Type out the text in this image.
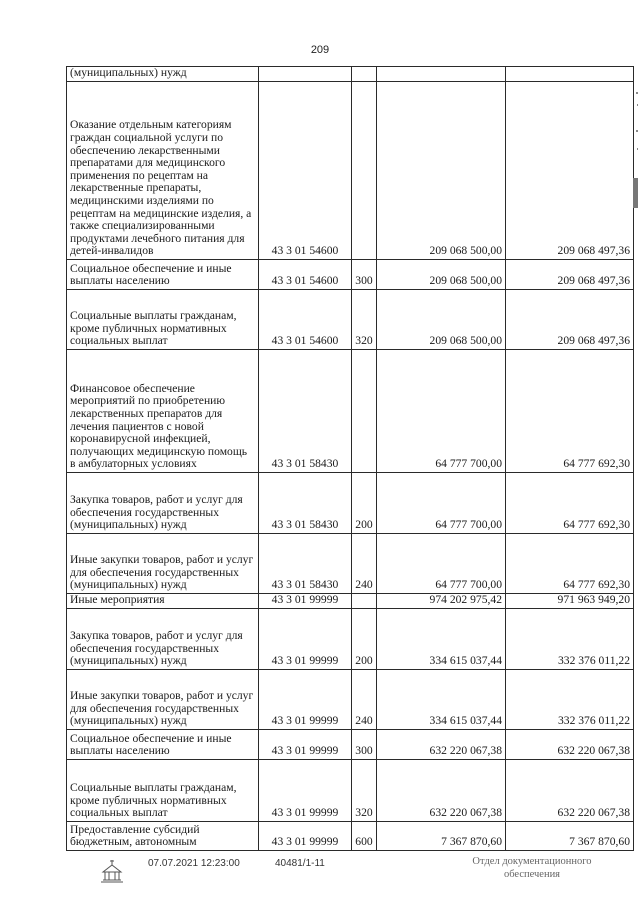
209
(муниципальных) нужд				
Оказание отдельным категориям граждан социальной услуги по обеспечению лекарственными препаратами для медицинского применения по рецептам на лекарственные препараты, медицинскими изделиями по рецептам на медицинские изделия, а также специализированными продуктами лечебного питания для детей-инвалидов	43 3 01 54600		209 068 500,00	209 068 497,36
Социальное обеспечение и иные выплаты населению	43 3 01 54600	300	209 068 500,00	209 068 497,36
Социальные выплаты гражданам, кроме публичных нормативных социальных выплат	43 3 01 54600	320	209 068 500,00	209 068 497,36
Финансовое обеспечение мероприятий по приобретению лекарственных препаратов для лечения пациентов с новой коронавирусной инфекцией, получающих медицинскую помощь в амбулаторных условиях	43 3 01 58430		64 777 700,00	64 777 692,30
Закупка товаров, работ и услуг для обеспечения государственных (муниципальных) нужд	43 3 01 58430	200	64 777 700,00	64 777 692,30
Иные закупки товаров, работ и услуг для обеспечения государственных (муниципальных) нужд	43 3 01 58430	240	64 777 700,00	64 777 692,30
Иные мероприятия	43 3 01 99999		974 202 975,42	971 963 949,20
Закупка товаров, работ и услуг для обеспечения государственных (муниципальных) нужд	43 3 01 99999	200	334 615 037,44	332 376 011,22
Иные закупки товаров, работ и услуг для обеспечения государственных (муниципальных) нужд	43 3 01 99999	240	334 615 037,44	332 376 011,22
Социальное обеспечение и иные выплаты населению	43 3 01 99999	300	632 220 067,38	632 220 067,38
Социальные выплаты гражданам, кроме публичных нормативных социальных выплат	43 3 01 99999	320	632 220 067,38	632 220 067,38
Предоставление субсидий бюджетным, автономным	43 3 01 99999	600	7 367 870,60	7 367 870,60
07.07.2021 12:23:00	40481/1-11	Отдел документационного
обеспечения
